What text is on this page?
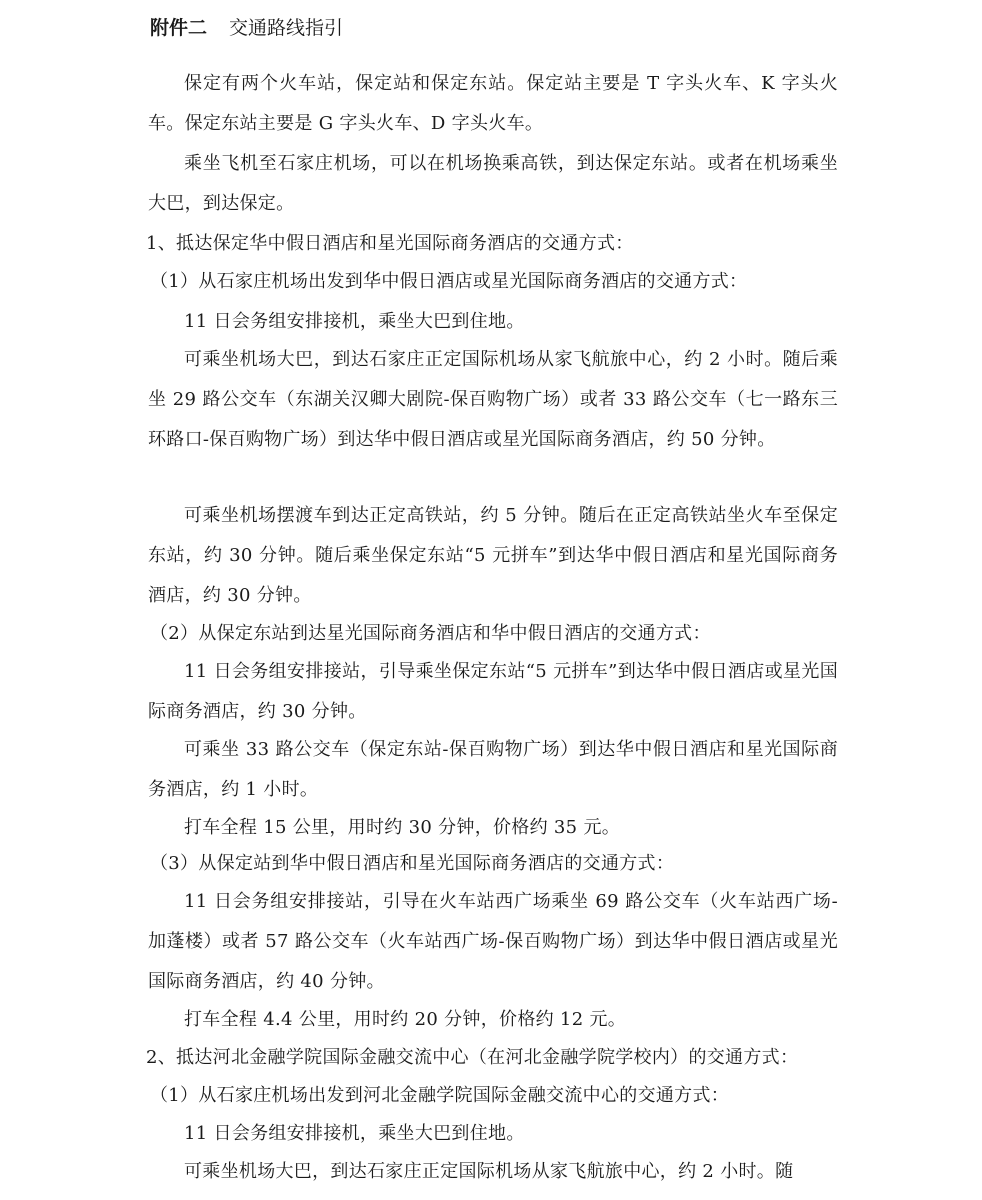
附件二 交通路线指引

保定有两个火车站，保定站和保定东站。保定站主要是 T 字头火车、K 字头火车。保定东站主要是 G 字头火车、D 字头火车。

乘坐飞机至石家庄机场，可以在机场换乘高铁，到达保定东站。或者在机场乘坐大巴，到达保定。

1、抵达保定华中假日酒店和星光国际商务酒店的交通方式：
（1）从石家庄机场出发到华中假日酒店或星光国际商务酒店的交通方式：

11 日会务组安排接机，乘坐大巴到住地。

可乘坐机场大巴，到达石家庄正定国际机场从家飞航旅中心，约 2 小时。随后乘坐 29 路公交车（东湖关汉卿大剧院-保百购物广场）或者 33 路公交车（七一路东三环路口-保百购物广场）到达华中假日酒店或星光国际商务酒店，约 50 分钟。

可乘坐机场摆渡车到达正定高铁站，约 5 分钟。随后在正定高铁站坐火车至保定东站，约 30 分钟。随后乘坐保定东站“5 元拼车”到达华中假日酒店和星光国际商务酒店，约 30 分钟。

（2）从保定东站到达星光国际商务酒店和华中假日酒店的交通方式：

11 日会务组安排接站，引导乘坐保定东站“5 元拼车”到达华中假日酒店或星光国际商务酒店，约 30 分钟。

可乘坐 33 路公交车（保定东站-保百购物广场）到达华中假日酒店和星光国际商务酒店，约 1 小时。

打车全程 15 公里，用时约 30 分钟，价格约 35 元。

（3）从保定站到华中假日酒店和星光国际商务酒店的交通方式：

11 日会务组安排接站，引导在火车站西广场乘坐 69 路公交车（火车站西广场-加蓬楼）或者 57 路公交车（火车站西广场-保百购物广场）到达华中假日酒店或星光国际商务酒店，约 40 分钟。

打车全程 4.4 公里，用时约 20 分钟，价格约 12 元。

2、抵达河北金融学院国际金融交流中心（在河北金融学院学校内）的交通方式：
（1）从石家庄机场出发到河北金融学院国际金融交流中心的交通方式：

11 日会务组安排接机，乘坐大巴到住地。

可乘坐机场大巴，到达石家庄正定国际机场从家飞航旅中心，约 2 小时。随
